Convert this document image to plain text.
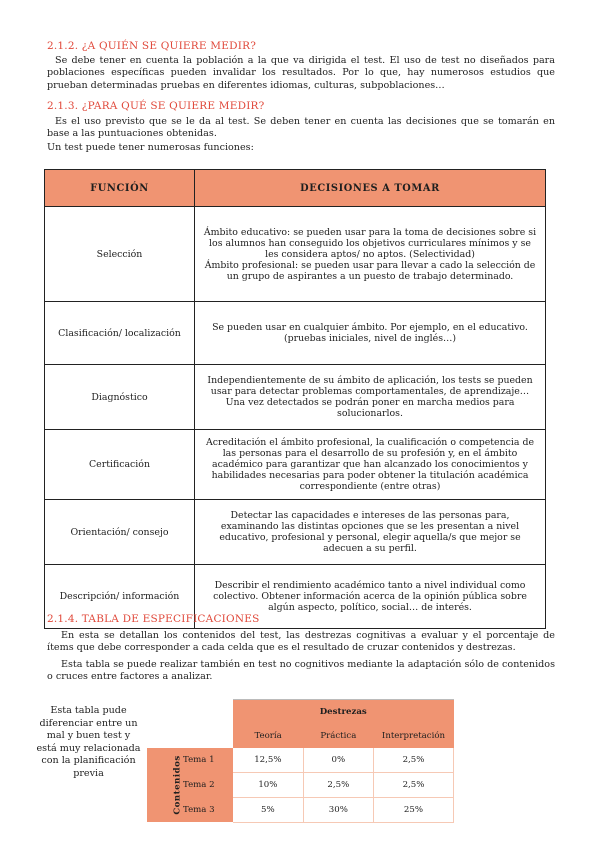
2.1.2. ¿A QUIÉN SE QUIERE MEDIR?
Se debe tener en cuenta la población a la que va dirigida el test. El uso de test no diseñados para poblaciones específicas pueden invalidar los resultados. Por lo que, hay numerosos estudios que prueban determinadas pruebas en diferentes idiomas, culturas, subpoblaciones…
2.1.3. ¿PARA QUÉ SE QUIERE MEDIR?
Es el uso previsto que se le da al test. Se deben tener en cuenta las decisiones que se tomarán en base a las puntuaciones obtenidas.
Un test puede tener numerosas funciones:
FUNCIÓN	DECISIONES A TOMAR
Selección	Ámbito educativo: se pueden usar para la toma de decisiones sobre si los alumnos han conseguido los objetivos curriculares mínimos y se les considera aptos/ no aptos. (Selectividad)
Ámbito profesional: se pueden usar para llevar a cado la selección de un grupo de aspirantes a un puesto de trabajo determinado.

Clasificación/ localización	Se pueden usar en cualquier ámbito. Por ejemplo, en el educativo. (pruebas iniciales, nivel de inglés…)
Diagnóstico	Independientemente de su ámbito de aplicación, los tests se pueden usar para detectar problemas comportamentales, de aprendizaje… Una vez detectados se podrán poner en marcha medios para solucionarlos.
Certificación	Acreditación el ámbito profesional, la cualificación o competencia de las personas para el desarrollo de su profesión y, en el ámbito académico para garantizar que han alcanzado los conocimientos y habilidades necesarias para poder obtener la titulación académica correspondiente (entre otras)
Orientación/ consejo	Detectar las capacidades e intereses de las personas para, examinando las distintas opciones que se les presentan a nivel educativo, profesional y personal, elegir aquella/s que mejor se adecuen a su perfil.
Descripción/ información	Describir el rendimiento académico tanto a nivel individual como colectivo. Obtener información acerca de la opinión pública sobre algún aspecto, político, social… de interés.
2.1.4. TABLA DE ESPECIFICACIONES
En esta se detallan los contenidos del test, las destrezas cognitivas a evaluar y el porcentaje de ítems que debe corresponder a cada celda que es el resultado de cruzar contenidos y destrezas.
Esta tabla se puede realizar también en test no cognitivos mediante la adaptación sólo de contenidos o cruces entre factores a analizar.
Esta tabla pude diferenciar entre un mal y buen test y está muy relacionada con la planificación previa
		Destrezas		
		Teoría	Práctica	Interpretación
Contenidos	Tema 1	12,5%	0%	2,5%
	Tema 2	10%	2,5%	2,5%
	Tema 3	5%	30%	25%
